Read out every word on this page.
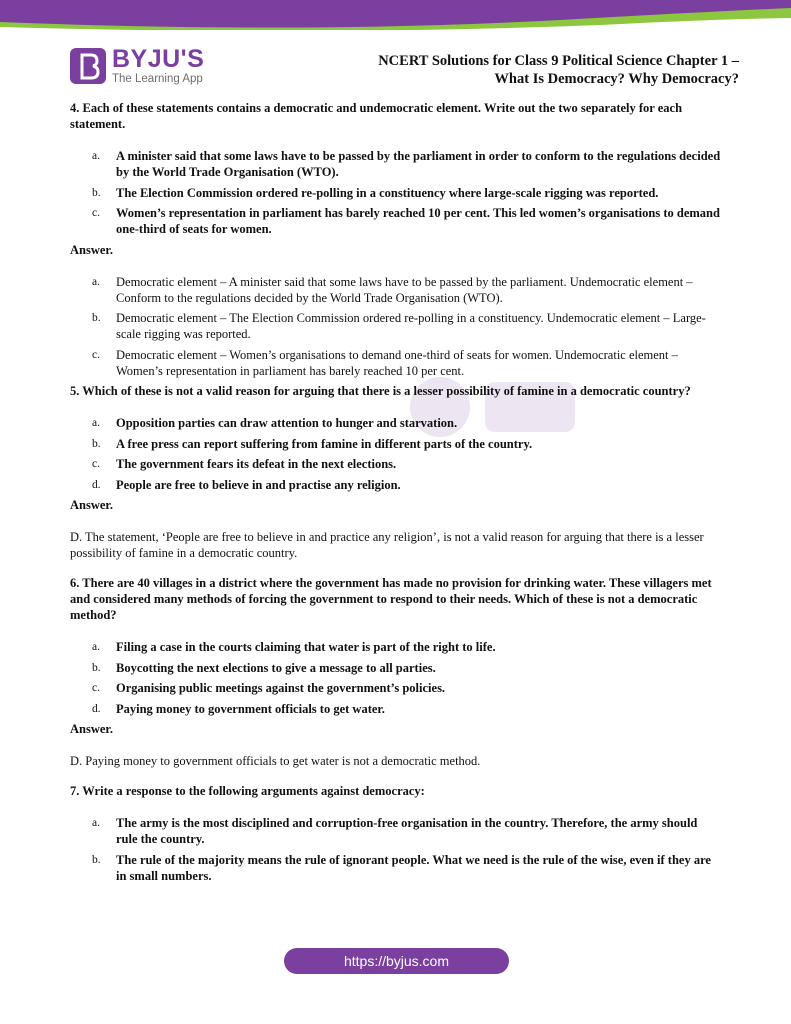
BYJU'S
The Learning App
NCERT Solutions for Class 9 Political Science Chapter 1 –
What Is Democracy? Why Democracy?

4. Each of these statements contains a democratic and undemocratic element. Write out the two separately for each statement.

a. A minister said that some laws have to be passed by the parliament in order to conform to the regulations decided by the World Trade Organisation (WTO).
b. The Election Commission ordered re-polling in a constituency where large-scale rigging was reported.
c. Women’s representation in parliament has barely reached 10 per cent. This led women’s organisations to demand one-third of seats for women.

Answer.

a. Democratic element – A minister said that some laws have to be passed by the parliament. Undemocratic element – Conform to the regulations decided by the World Trade Organisation (WTO).
b. Democratic element – The Election Commission ordered re-polling in a constituency. Undemocratic element – Large-scale rigging was reported.
c. Democratic element – Women’s organisations to demand one-third of seats for women. Undemocratic element – Women’s representation in parliament has barely reached 10 per cent.

5. Which of these is not a valid reason for arguing that there is a lesser possibility of famine in a democratic country?

a. Opposition parties can draw attention to hunger and starvation.
b. A free press can report suffering from famine in different parts of the country.
c. The government fears its defeat in the next elections.
d. People are free to believe in and practise any religion.

Answer.

D. The statement, ‘People are free to believe in and practice any religion’, is not a valid reason for arguing that there is a lesser possibility of famine in a democratic country.

6. There are 40 villages in a district where the government has made no provision for drinking water. These villagers met and considered many methods of forcing the government to respond to their needs. Which of these is not a democratic method?

a. Filing a case in the courts claiming that water is part of the right to life.
b. Boycotting the next elections to give a message to all parties.
c. Organising public meetings against the government’s policies.
d. Paying money to government officials to get water.

Answer.

D. Paying money to government officials to get water is not a democratic method.

7. Write a response to the following arguments against democracy:

a. The army is the most disciplined and corruption-free organisation in the country. Therefore, the army should rule the country.
b. The rule of the majority means the rule of ignorant people. What we need is the rule of the wise, even if they are in small numbers.
https://byjus.com
